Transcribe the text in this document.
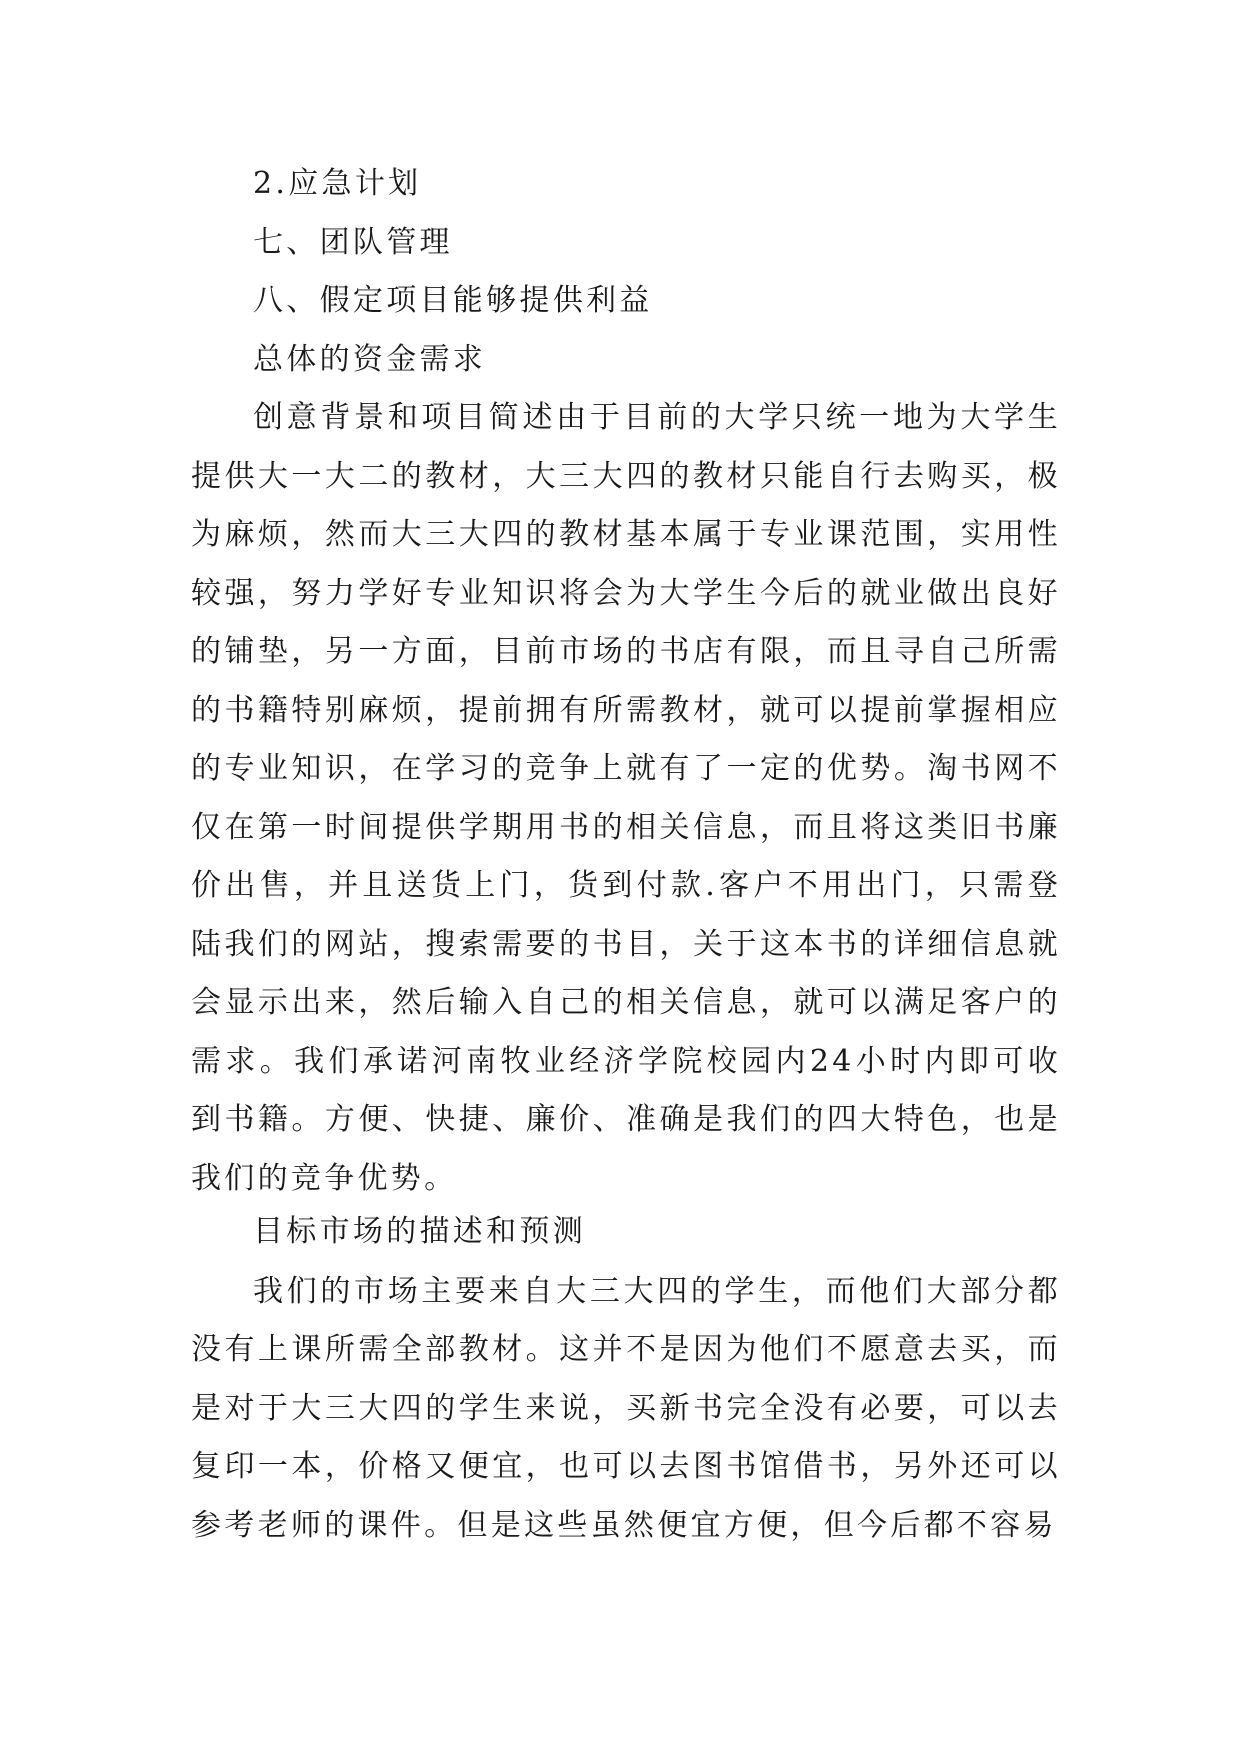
2.应急计划

七、团队管理

八、假定项目能够提供利益

总体的资金需求

创意背景和项目简述由于目前的大学只统一地为大学生提供大一大二的教材，大三大四的教材只能自行去购买，极为麻烦，然而大三大四的教材基本属于专业课范围，实用性较强，努力学好专业知识将会为大学生今后的就业做出良好的铺垫，另一方面，目前市场的书店有限，而且寻自己所需的书籍特别麻烦，提前拥有所需教材，就可以提前掌握相应的专业知识，在学习的竞争上就有了一定的优势。淘书网不仅在第一时间提供学期用书的相关信息，而且将这类旧书廉价出售，并且送货上门，货到付款.客户不用出门，只需登陆我们的网站，搜索需要的书目，关于这本书的详细信息就会显示出来，然后输入自己的相关信息，就可以满足客户的需求。我们承诺河南牧业经济学院校园内24小时内即可收到书籍。方便、快捷、廉价、准确是我们的四大特色，也是我们的竞争优势。

目标市场的描述和预测

我们的市场主要来自大三大四的学生，而他们大部分都没有上课所需全部教材。这并不是因为他们不愿意去买，而是对于大三大四的学生来说，买新书完全没有必要，可以去复印一本，价格又便宜，也可以去图书馆借书，另外还可以参考老师的课件。但是这些虽然便宜方便，但今后都不容易
